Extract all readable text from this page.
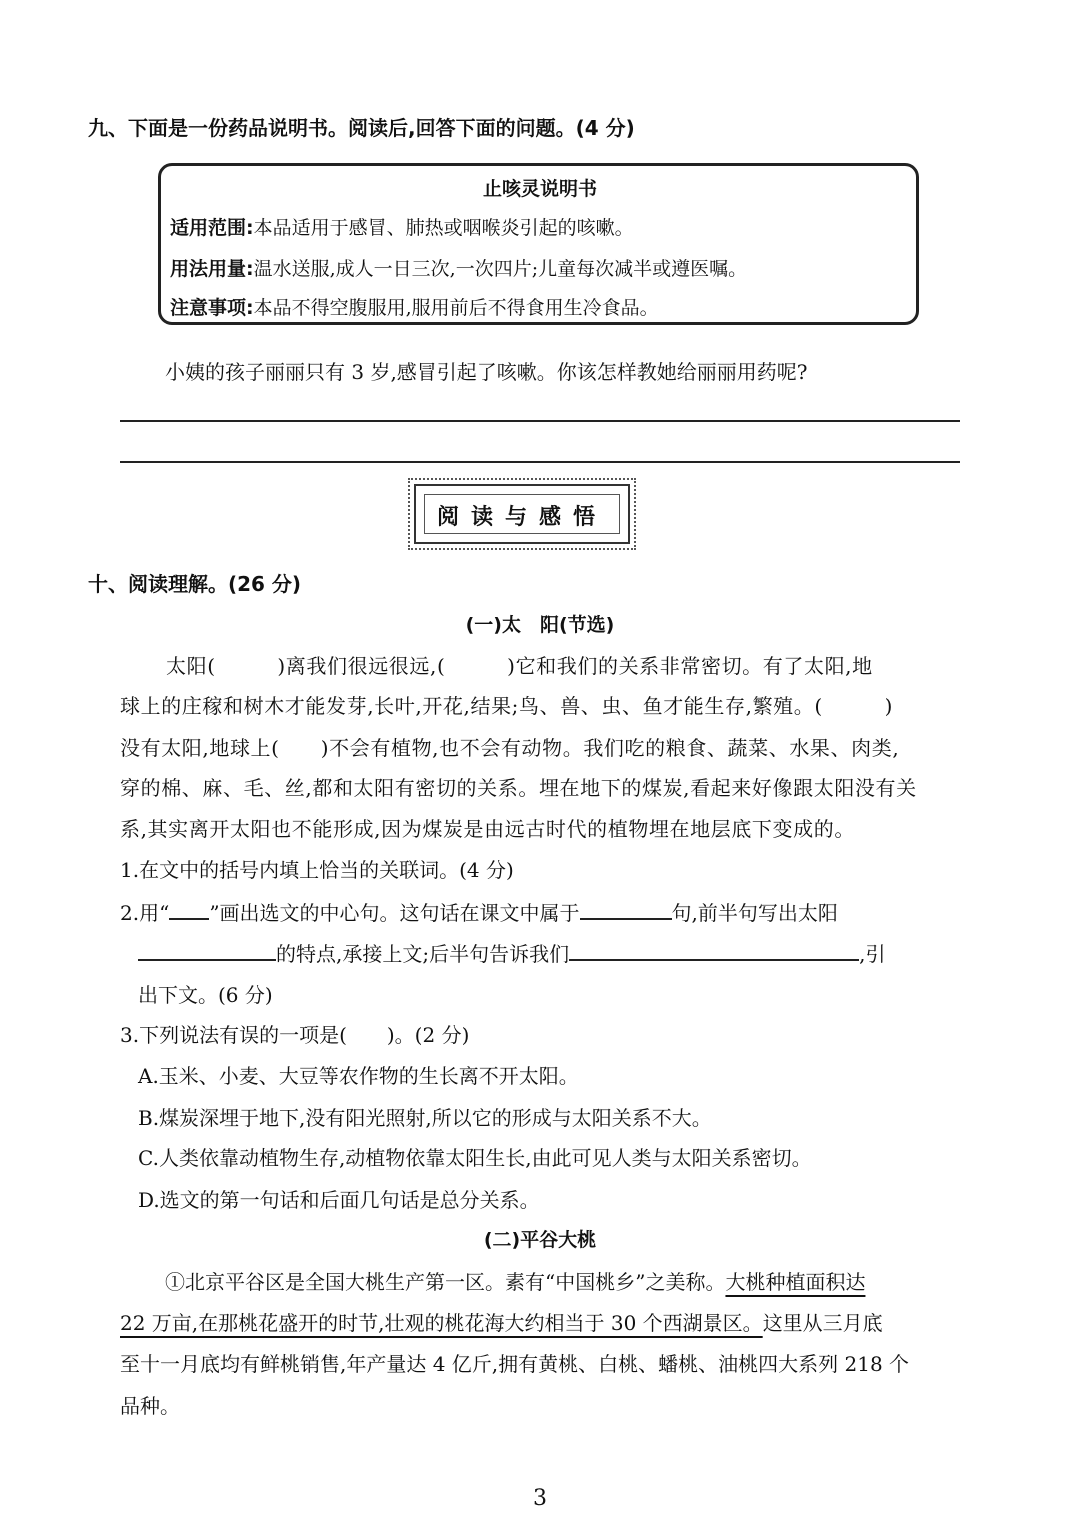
九、下面是一份药品说明书。阅读后,回答下面的问题。(4 分)
止咳灵说明书
适用范围:本品适用于感冒、肺热或咽喉炎引起的咳嗽。
用法用量:温水送服,成人一日三次,一次四片;儿童每次减半或遵医嘱。
注意事项:本品不得空腹服用,服用前后不得食用生冷食品。
小姨的孩子丽丽只有 3 岁,感冒引起了咳嗽。你该怎样教她给丽丽用药呢?
阅读与感悟
十、阅读理解。(26 分)
(一)太　阳(节选)
太阳(　　　)离我们很远很远,(　　　)它和我们的关系非常密切。有了太阳,地
球上的庄稼和树木才能发芽,长叶,开花,结果;鸟、兽、虫、鱼才能生存,繁殖。(　　　)
没有太阳,地球上(　　)不会有植物,也不会有动物。我们吃的粮食、蔬菜、水果、肉类,
穿的棉、麻、毛、丝,都和太阳有密切的关系。埋在地下的煤炭,看起来好像跟太阳没有关
系,其实离开太阳也不能形成,因为煤炭是由远古时代的植物埋在地层底下变成的。
1.在文中的括号内填上恰当的关联词。(4 分)
2.用“ ”画出选文的中心句。这句话在课文中属于	句,前半句写出太阳
的特点,承接上文;后半句告诉我们	,引
出下文。(6 分)
3.下列说法有误的一项是(　　)。(2 分)
A.玉米、小麦、大豆等农作物的生长离不开太阳。
B.煤炭深埋于地下,没有阳光照射,所以它的形成与太阳关系不大。
C.人类依靠动植物生存,动植物依靠太阳生长,由此可见人类与太阳关系密切。
D.选文的第一句话和后面几句话是总分关系。
(二)平谷大桃
①北京平谷区是全国大桃生产第一区。素有“中国桃乡”之美称。大桃种植面积达
22 万亩,在那桃花盛开的时节,壮观的桃花海大约相当于 30 个西湖景区。这里从三月底
至十一月底均有鲜桃销售,年产量达 4 亿斤,拥有黄桃、白桃、蟠桃、油桃四大系列 218 个
品种。
3
